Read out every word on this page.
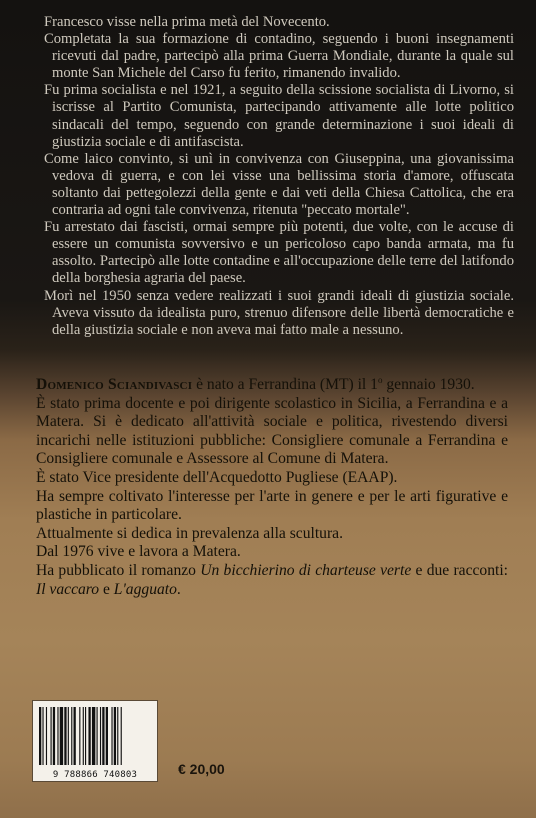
Francesco visse nella prima metà del Novecento.

Completata la sua formazione di contadino, seguendo i buoni insegnamenti ricevuti dal padre, partecipò alla prima Guerra Mondiale, durante la quale sul monte San Michele del Carso fu ferito, rimanendo invalido.

Fu prima socialista e nel 1921, a seguito della scissione socialista di Livorno, si iscrisse al Partito Comunista, partecipando attivamente alle lotte politico sindacali del tempo, seguendo con grande determinazione i suoi ideali di giustizia sociale e di antifascista.

Come laico convinto, si unì in convivenza con Giuseppina, una giovanissima vedova di guerra, e con lei visse una bellissima storia d'amore, offuscata soltanto dai pettegolezzi della gente e dai veti della Chiesa Cattolica, che era contraria ad ogni tale convivenza, ritenuta "peccato mortale".

Fu arrestato dai fascisti, ormai sempre più potenti, due volte, con le accuse di essere un comunista sovversivo e un pericoloso capo banda armata, ma fu assolto. Partecipò alle lotte contadine e all'occupazione delle terre del latifondo della borghesia agraria del paese.

Morì nel 1950 senza vedere realizzati i suoi grandi ideali di giustizia sociale. Aveva vissuto da idealista puro, strenuo difensore delle libertà democratiche e della giustizia sociale e non aveva mai fatto male a nessuno.

Domenico Sciandivasci è nato a Ferrandina (MT) il 1$^o$ gennaio 1930.

È stato prima docente e poi dirigente scolastico in Sicilia, a Ferrandina e a Matera. Si è dedicato all'attività sociale e politica, rivestendo diversi incarichi nelle istituzioni pubbliche: Consigliere comunale a Ferrandina e Consigliere comunale e Assessore al Comune di Matera.

È stato Vice presidente dell'Acquedotto Pugliese (EAAP).

Ha sempre coltivato l'interesse per l'arte in genere e per le arti figurative e plastiche in particolare.

Attualmente si dedica in prevalenza alla scultura.

Dal 1976 vive e lavora a Matera.

Ha pubblicato il romanzo Un bicchierino di charteuse verte e due racconti: Il vaccaro e L'agguato.

9 788866 740803	€ 20,00
